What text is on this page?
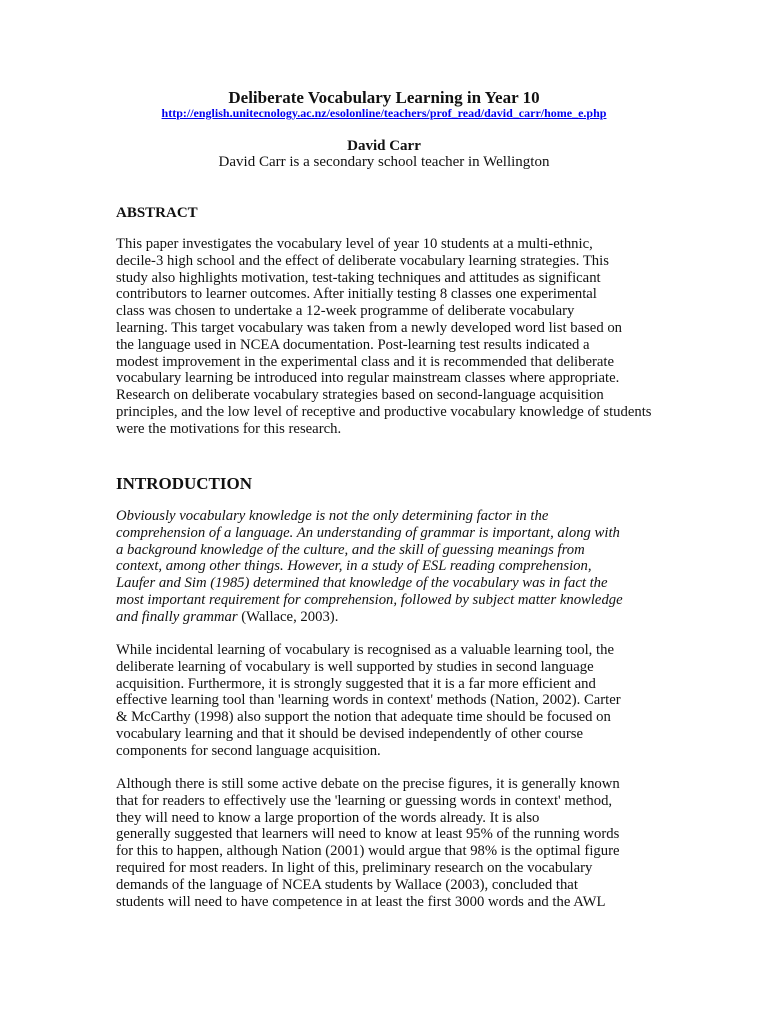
Deliberate Vocabulary Learning in Year 10
http://english.unitecnology.ac.nz/esolonline/teachers/prof_read/david_carr/home_e.php
David Carr
David Carr is a secondary school teacher in Wellington
ABSTRACT
This paper investigates the vocabulary level of year 10 students at a multi-ethnic,
decile-3 high school and the effect of deliberate vocabulary learning strategies. This
study also highlights motivation, test-taking techniques and attitudes as significant
contributors to learner outcomes. After initially testing 8 classes one experimental
class was chosen to undertake a 12-week programme of deliberate vocabulary
learning. This target vocabulary was taken from a newly developed word list based on
the language used in NCEA documentation. Post-learning test results indicated a
modest improvement in the experimental class and it is recommended that deliberate
vocabulary learning be introduced into regular mainstream classes where appropriate.
Research on deliberate vocabulary strategies based on second-language acquisition
principles, and the low level of receptive and productive vocabulary knowledge of students
were the motivations for this research.
INTRODUCTION
Obviously vocabulary knowledge is not the only determining factor in the
comprehension of a language. An understanding of grammar is important, along with
a background knowledge of the culture, and the skill of guessing meanings from
context, among other things. However, in a study of ESL reading comprehension,
Laufer and Sim (1985) determined that knowledge of the vocabulary was in fact the
most important requirement for comprehension, followed by subject matter knowledge
and finally grammar (Wallace, 2003).
While incidental learning of vocabulary is recognised as a valuable learning tool, the
deliberate learning of vocabulary is well supported by studies in second language
acquisition. Furthermore, it is strongly suggested that it is a far more efficient and
effective learning tool than 'learning words in context' methods (Nation, 2002). Carter
& McCarthy (1998) also support the notion that adequate time should be focused on
vocabulary learning and that it should be devised independently of other course
components for second language acquisition.
Although there is still some active debate on the precise figures, it is generally known
that for readers to effectively use the 'learning or guessing words in context' method,
they will need to know a large proportion of the words already. It is also
generally suggested that learners will need to know at least 95% of the running words
for this to happen, although Nation (2001) would argue that 98% is the optimal figure
required for most readers. In light of this, preliminary research on the vocabulary
demands of the language of NCEA students by Wallace (2003), concluded that
students will need to have competence in at least the first 3000 words and the AWL
